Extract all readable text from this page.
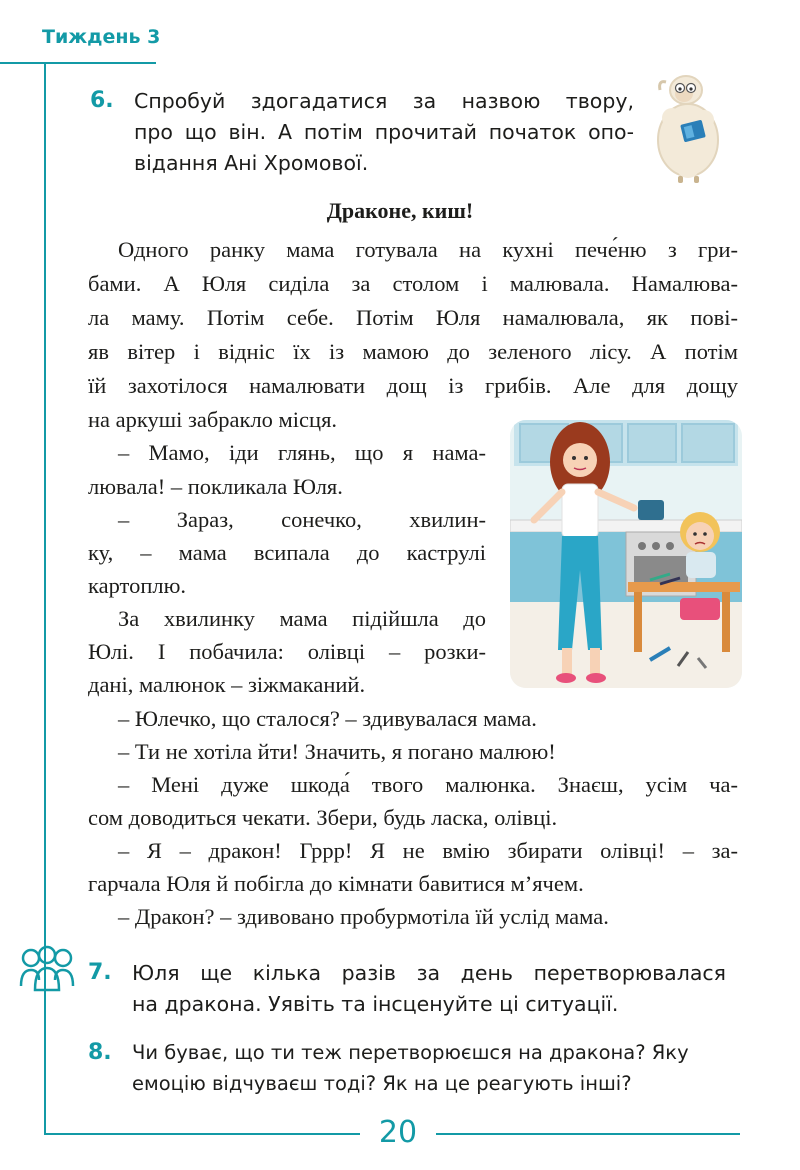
Тиждень 3
6. Спробуй здогадатися за назвою твору,
про що він. А потім прочитай початок опо-
відання Ані Хромової.
Драконе, киш!
Одного ранку мама готувала на кухні пече́ню з гри-
бами. А Юля сиділа за столом і малювала. Намалюва-
ла маму. Потім себе. Потім Юля намалювала, як пові-
яв вітер і відніс їх із мамою до зеленого лісу. А потім
їй захотілося намалювати дощ із грибів. Але для дощу
на аркуші забракло місця.
– Мамо, іди глянь, що я нама-
лювала! – покликала Юля.
– Зараз, сонечко, хвилин-
ку, – мама всипала до каструлі
картоплю.
За хвилинку мама підійшла до
Юлі. І побачила: олівці – розки-
дані, малюнок – зіжмаканий.
– Юлечко, що сталося? – здивувалася мама.
– Ти не хотіла йти! Значить, я погано малюю!
– Мені дуже шкода́ твого малюнка. Знаєш, усім ча-
сом доводиться чекати. Збери, будь ласка, олівці.
– Я – дракон! Гррр! Я не вмію збирати олівці! – за-
гарчала Юля й побігла до кімнати бавитися м’ячем.
– Дракон? – здивовано пробурмотіла їй услід мама.
7. Юля ще кілька разів за день перетворювалася
на дракона. Уявіть та інсценуйте ці ситуації.
8. Чи буває, що ти теж перетворюєшся на дракона? Яку
емоцію відчуваєш тоді? Як на це реагують інші?
20
